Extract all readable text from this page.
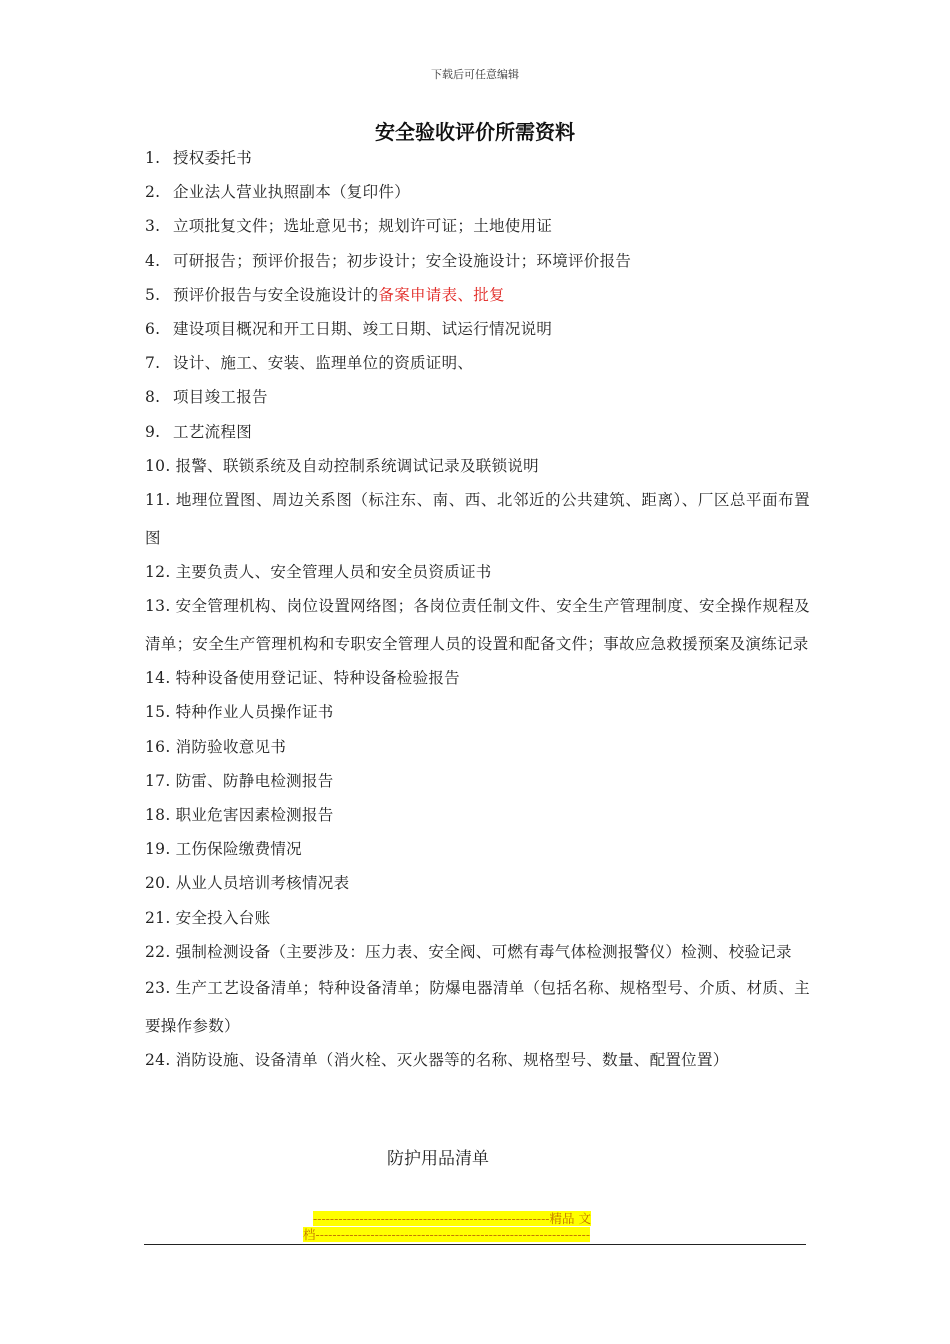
下载后可任意编辑
安全验收评价所需资料
1. 授权委托书
2. 企业法人营业执照副本（复印件）
3. 立项批复文件；选址意见书；规划许可证；土地使用证
4. 可研报告；预评价报告；初步设计；安全设施设计；环境评价报告
5. 预评价报告与安全设施设计的备案申请表、批复
6. 建设项目概况和开工日期、竣工日期、试运行情况说明
7. 设计、施工、安装、监理单位的资质证明、
8. 项目竣工报告
9. 工艺流程图
10. 报警、联锁系统及自动控制系统调试记录及联锁说明
11. 地理位置图、周边关系图（标注东、南、西、北邻近的公共建筑、距离）、厂区总平面布置图
12. 主要负责人、安全管理人员和安全员资质证书
13. 安全管理机构、岗位设置网络图；各岗位责任制文件、安全生产管理制度、安全操作规程及清单；安全生产管理机构和专职安全管理人员的设置和配备文件；事故应急救援预案及演练记录
14. 特种设备使用登记证、特种设备检验报告
15. 特种作业人员操作证书
16. 消防验收意见书
17. 防雷、防静电检测报告
18. 职业危害因素检测报告
19. 工伤保险缴费情况
20. 从业人员培训考核情况表
21. 安全投入台账
22. 强制检测设备（主要涉及：压力表、安全阀、可燃有毒气体检测报警仪）检测、校验记录
23. 生产工艺设备清单；特种设备清单；防爆电器清单（包括名称、规格型号、介质、材质、主要操作参数）
24. 消防设施、设备清单（消火栓、灭火器等的名称、规格型号、数量、配置位置）
防护用品清单
--------------------------------------------------------精品 文
档-----------------------------------------------------------------
